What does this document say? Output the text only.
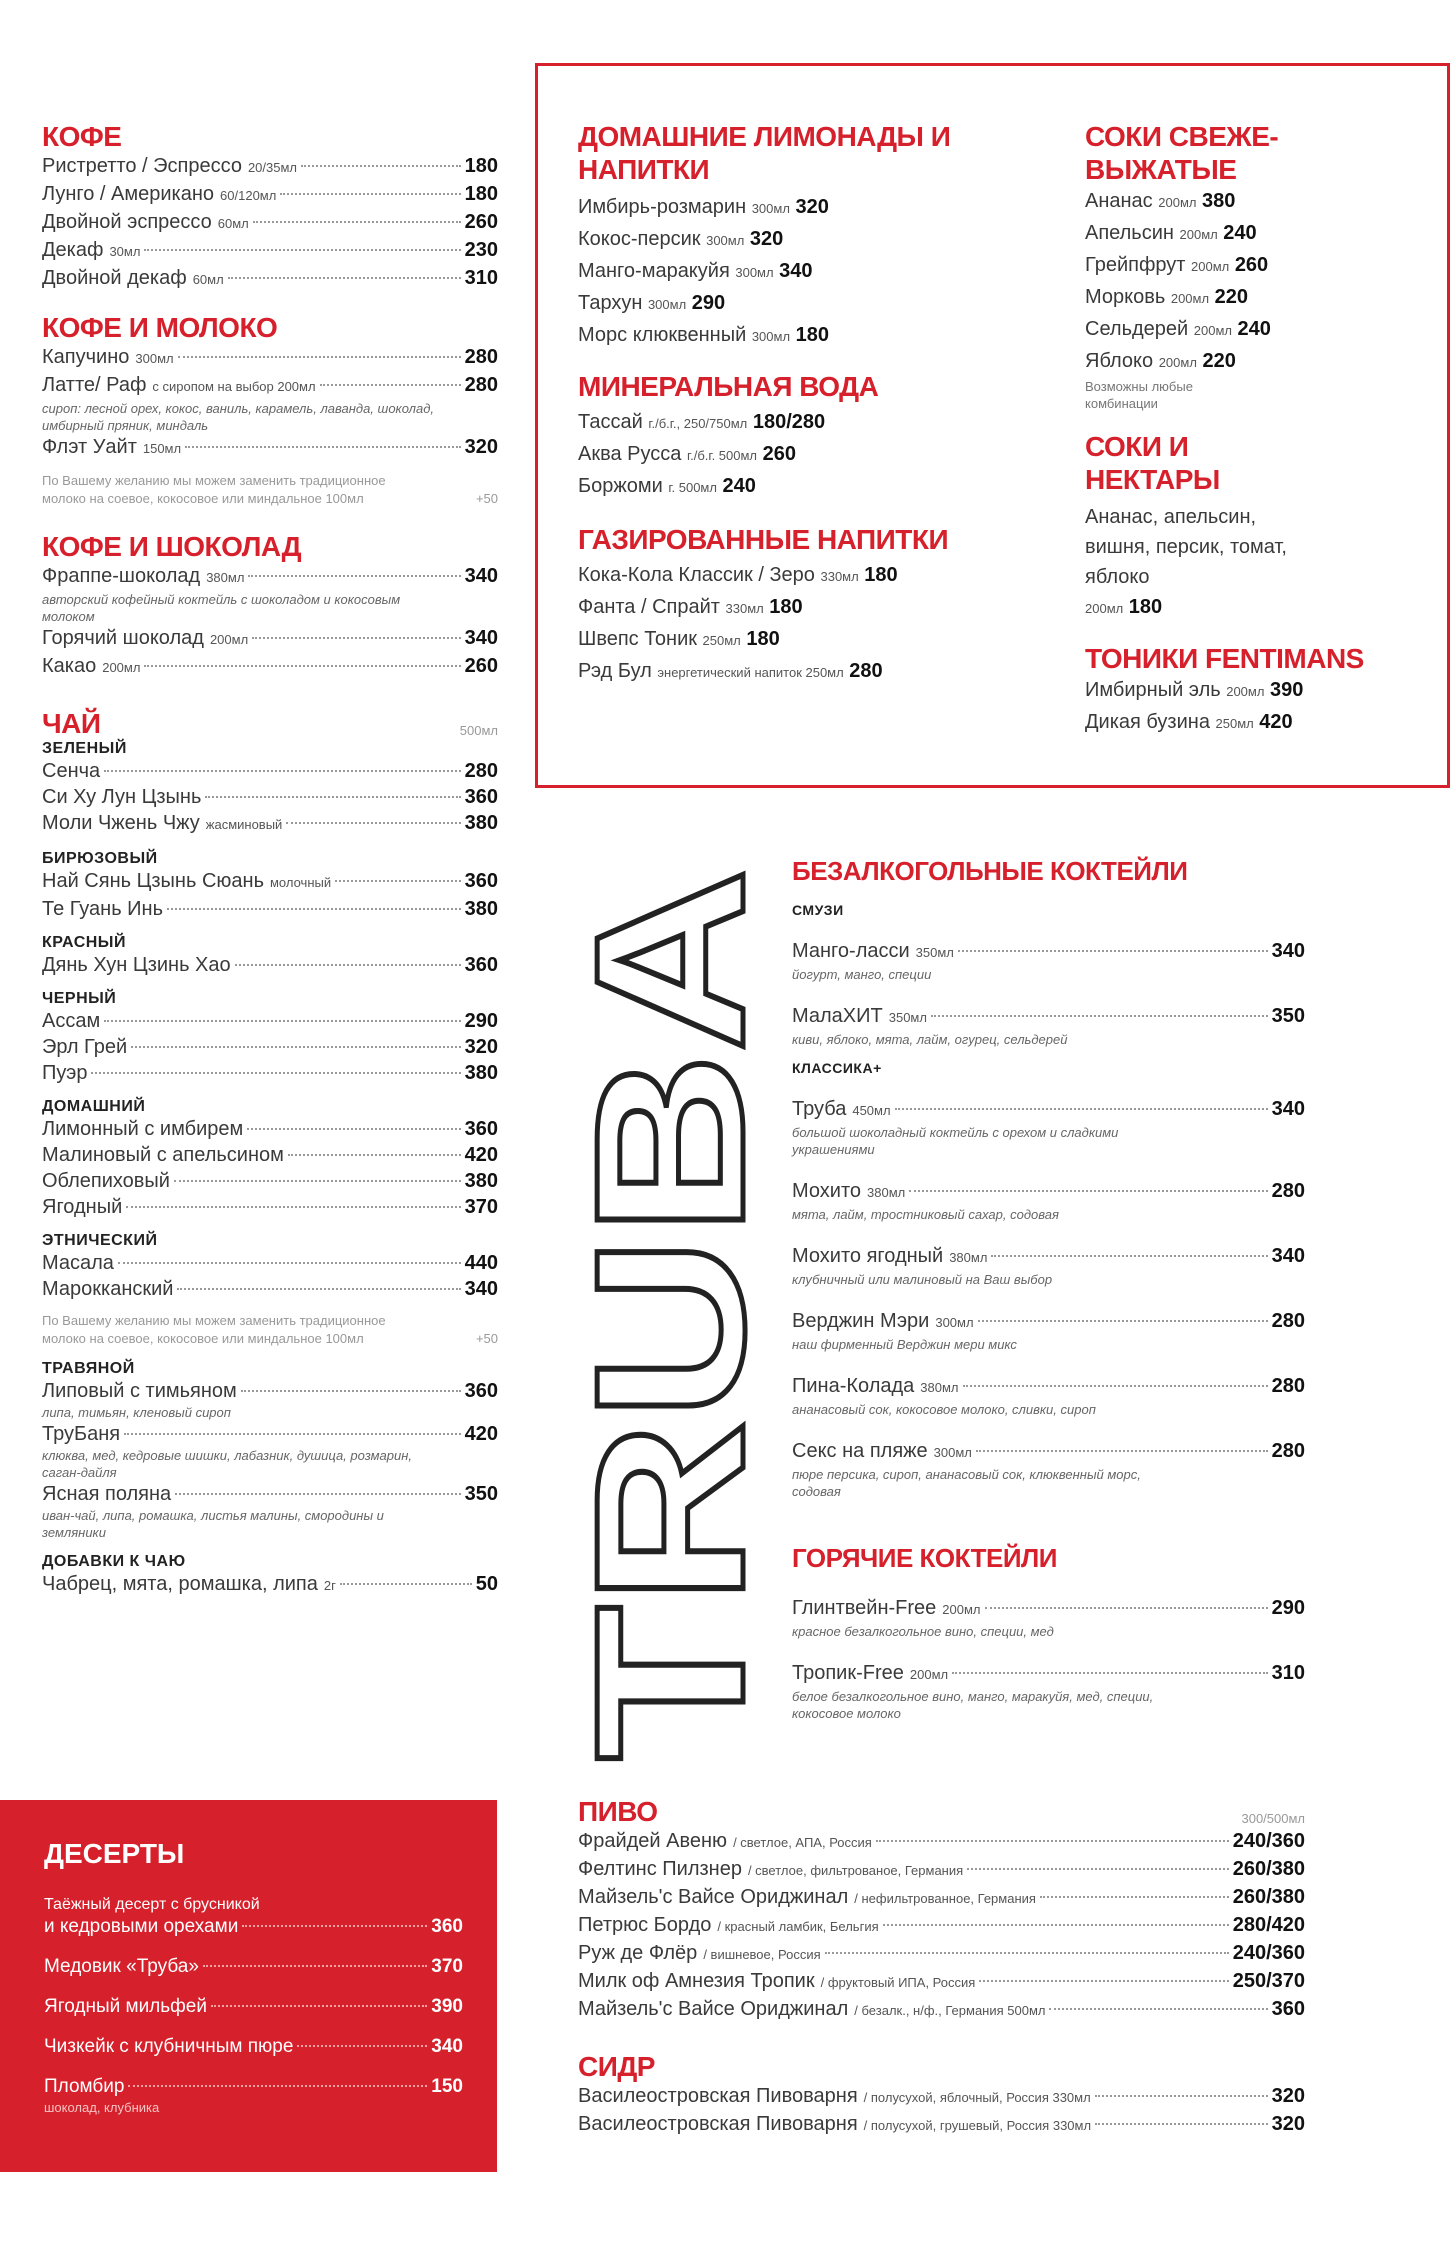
КОФЕ
Ристретто / Эспрессо 20/35мл	180
Лунго / Американо 60/120мл	180
Двойной эспрессо 60мл	260
Декаф 30мл	230
Двойной декаф 60мл	310
КОФЕ И МОЛОКО
Капучино 300мл	280
Латте/ Раф с сиропом на выбор 200мл	280
сироп: лесной орех, кокос, ваниль, карамель, лаванда, шоколад, имбирный пряник, миндаль
Флэт Уайт 150мл	320
По Вашему желанию мы можем заменить традиционное молоко на соевое, кокосовое или миндальное 100мл	+50
КОФЕ И ШОКОЛАД
Фраппе-шоколад 380мл	340
авторский кофейный коктейль с шоколадом и кокосовым молоком
Горячий шоколад 200мл	340
Какао 200мл	260
ЧАЙ	500мл
ЗЕЛЕНЫЙ
Сенча	280
Си Ху Лун Цзынь	360
Моли Чжень Чжу жасминовый	380
БИРЮЗОВЫЙ
Най Сянь Цзынь Сюань молочный	360
Те Гуань Инь	380
КРАСНЫЙ
Дянь Хун Цзинь Хао	360
ЧЕРНЫЙ
Ассам	290
Эрл Грей	320
Пуэр	380
ДОМАШНИЙ
Лимонный с имбирем	360
Малиновый с апельсином	420
Облепиховый	380
Ягодный	370
ЭТНИЧЕСКИЙ
Масала	440
Марокканский	340
По Вашему желанию мы можем заменить традиционное молоко на соевое, кокосовое или миндальное 100мл	+50
ТРАВЯНОЙ
Липовый с тимьяном	360
липа, тимьян, кленовый сироп
ТруБаня	420
клюква, мед, кедровые шишки, лабазник, душица, розмарин, саган-дайля
Ясная поляна	350
иван-чай, липа, ромашка, листья малины, смородины и земляники
ДОБАВКИ К ЧАЮ
Чабрец, мята, ромашка, липа 2г	50
ДЕСЕРТЫ
Таёжный десерт с брусникой
и кедровыми орехами	360
Медовик «Труба»	370
Ягодный мильфей	390
Чизкейк с клубничным пюре	340
Пломбир	150
шоколад, клубника
ДОМАШНИЕ ЛИМОНАДЫ И НАПИТКИ
Имбирь-розмарин 300мл 320
Кокос-персик 300мл 320
Манго-маракуйя 300мл 340
Тархун 300мл 290
Морс клюквенный 300мл 180
МИНЕРАЛЬНАЯ ВОДА
Тассай г./б.г., 250/750мл 180/280
Аква Русса г./б.г. 500мл 260
Боржоми г. 500мл 240
ГАЗИРОВАННЫЕ НАПИТКИ
Кока-Кола Классик / Зеро 330мл 180
Фанта / Спрайт 330мл 180
Швепс Тоник 250мл 180
Рэд Бул энергетический напиток 250мл 280
СОКИ СВЕЖЕ-ВЫЖАТЫЕ
Ананас 200мл 380
Апельсин 200мл 240
Грейпфрут 200мл 260
Морковь 200мл 220
Сельдерей 200мл 240
Яблоко 200мл 220
Возможны любые комбинации
СОКИ И НЕКТАРЫ
Ананас, апельсин, вишня, персик, томат, яблоко
200мл 180
ТОНИКИ FENTIMANS
Имбирный эль 200мл 390
Дикая бузина 250мл 420
TRUBA
БЕЗАЛКОГОЛЬНЫЕ КОКТЕЙЛИ
СМУЗИ
Манго-ласси 350мл	340
йогурт, манго, специи
МалаХИТ 350мл	350
киви, яблоко, мята, лайм, огурец, сельдерей
КЛАССИКА+
Труба 450мл	340
большой шоколадный коктейль с орехом и сладкими украшениями
Мохито 380мл	280
мята, лайм, тростниковый сахар, содовая
Мохито ягодный 380мл	340
клубничный или малиновый на Ваш выбор
Верджин Мэри 300мл	280
наш фирменный Верджин мери микс
Пина-Колада 380мл	280
ананасовый сок, кокосовое молоко, сливки, сироп
Секс на пляже 300мл	280
пюре персика, сироп, ананасовый сок, клюквенный морс, содовая
ГОРЯЧИЕ КОКТЕЙЛИ
Глинтвейн-Free 200мл	290
красное безалкогольное вино, специи, мед
Тропик-Free 200мл	310
белое безалкогольное вино, манго, маракуйя, мед, специи, кокосовое молоко
ПИВО	300/500мл
Фрайдей Авеню / светлое, АПА, Россия	240/360
Фелтинс Пилзнер / светлое, фильтрованое, Германия	260/380
Майзель'с Вайсе Ориджинал / нефильтрованное, Германия	260/380
Петрюс Бордо / красный ламбик, Бельгия	280/420
Руж де Флёр / вишневое, Россия	240/360
Милк оф Амнезия Тропик / фруктовый ИПА, Россия	250/370
Майзель'с Вайсе Ориджинал / безалк., н/ф., Германия 500мл	360
СИДР
Василеостровская Пивоварня / полусухой, яблочный, Россия 330мл	320
Василеостровская Пивоварня / полусухой, грушевый, Россия 330мл	320
